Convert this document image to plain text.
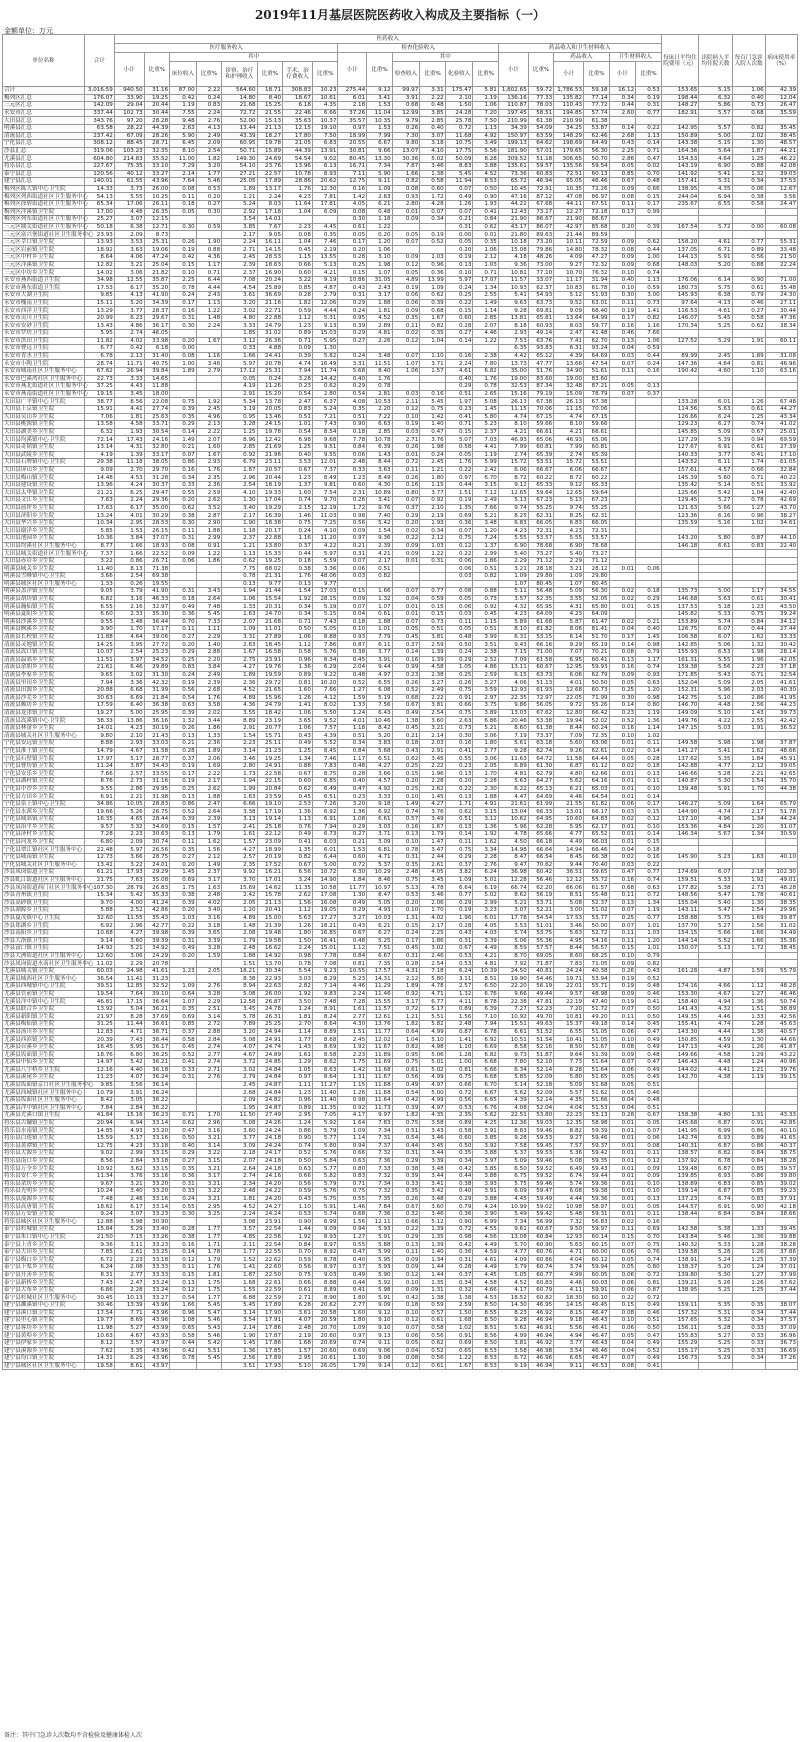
2019年11月基层医院医药收入构成及主要指标（一）
金额单位：万元
单位名称	合计	医药收入																				每床日平均住院费用（元）	出院病人平均住院天数	每百门急诊入院人次数	病床使用率（%）
		医疗服务收入								检查化验收入						药品收入和卫生材料收入									
		小计	比重%	其中						小计	比重%	其中				小计	比重%	药品收入		卫生材料收入					
				床位收入	比重%	诊察、治疗和护理收入	比重%	手术、治疗费收入	比重%			检查收入	比重%	化验收入	比重%			小计	比重%	小计	比重%				
合计	3,016.59	940.50	31.16	87.00	2.22	564.60	18.71	308.83	10.23	275.44	9.12	99.97	3.31	175.47	5.81	1,802.65	59.72	1,786.53	59.18	16.12	0.53	153.65	5.15	1.06	42.39
梅列区汇总	176.07	33.90	19.25	0.42	0.24	14.80	8.40	18.67	10.61	6.01	3.41	3.91	2.22	2.10	1.19	136.16	77.33	135.82	77.14	0.34	0.19	198.44	6.32	0.40	12.04
三元区汇总	142.09	29.04	20.44	1.19	0.83	21.68	15.25	6.18	4.35	2.18	1.53	0.68	0.48	1.50	1.06	110.87	78.03	110.43	77.72	0.44	0.31	148.27	5.86	0.73	26.47
永安市汇总	337.44	102.73	30.44	7.55	2.24	72.72	21.55	22.46	6.66	37.26	11.04	12.99	3.85	24.28	7.20	197.45	58.51	194.85	57.74	2.60	0.77	182.91	5.57	0.68	35.59
大田县汇总	343.76	97.20	28.28	9.48	2.76	52.00	15.13	35.63	10.37	35.57	10.35	9.79	2.85	25.78	7.50	210.99	61.38	210.99	61.38						
明溪县汇总	63.58	28.22	44.39	2.63	4.13	13.44	21.13	12.15	19.10	0.97	1.53	0.26	0.40	0.72	1.13	34.39	54.09	34.25	53.87	0.14	0.22	142.95	5.57	0.82	35.45
清流县汇总	237.42	67.09	28.26	5.90	2.49	43.39	18.27	17.80	7.50	18.99	7.99	7.30	3.07	11.68	4.92	150.97	63.59	148.29	62.46	2.68	1.13	150.89	5.00	2.02	38.45
宁化县汇总	308.12	88.45	28.71	6.45	2.09	60.95	19.78	21.05	6.83	20.55	6.67	9.80	3.18	10.75	3.49	199.13	64.62	198.69	64.49	0.43	0.14	143.38	5.15	1.30	48.57
沙县汇总	319.06	103.23	32.35	8.10	2.54	50.71	15.89	44.39	13.91	30.81	9.66	13.07	4.10	17.75	5.56	181.90	57.01	179.65	56.30	2.25	0.71	164.36	5.64	1.87	44.21
尤溪县汇总	604.80	214.83	35.52	11.00	1.82	149.30	24.69	54.54	9.02	80.45	13.30	30.36	5.02	50.09	8.28	309.52	51.18	306.65	50.70	2.86	0.47	154.53	4.64	1.25	46.22
将乐县汇总	227.67	75.35	33.10	7.29	3.20	54.10	23.76	13.96	6.13	16.71	7.34	7.87	3.46	8.83	3.88	135.61	59.57	135.56	59.54	0.05	0.02	143.19	6.90	0.88	42.08
泰宁县汇总	120.56	40.12	33.27	2.14	1.77	27.21	22.57	10.78	8.93	7.11	5.90	1.66	1.38	5.45	4.52	73.36	60.83	72.51	60.13	0.85	0.70	141.92	5.41	1.32	39.03
建宁县汇总	140.01	61.55	43.96	7.64	5.46	25.05	17.89	28.86	20.62	12.75	9.11	0.82	0.58	11.94	8.53	65.72	46.94	65.05	46.46	0.67	0.48	157.41	5.31	0.34	37.53
梅列区陈大镇中心卫生院	14.33	3.73	26.00	0.08	0.53	1.89	13.17	1.76	12.30	0.16	1.09	0.08	0.60	0.07	0.50	10.45	72.91	10.35	72.26	0.09	0.66	138.95	4.35	0.06	12.67
梅列区列西街道社区卫生服务中心	54.13	5.55	10.25	0.11	0.20	1.21	2.24	4.23	7.81	1.42	2.63	0.93	1.72	0.49	0.90	47.16	87.12	47.08	86.97	0.08	0.15	244.04	6.94	0.38	3.56
梅列区徐碧街道社区卫生服务中心	65.34	17.06	26.11	0.18	0.27	5.24	8.03	11.64	17.81	4.05	6.21	2.80	4.28	1.26	1.93	44.22	67.68	44.11	67.51	0.11	0.17	235.67	6.55	0.58	24.47
梅列区洋溪镇卫生院	17.00	4.48	26.35	0.05	0.30	2.92	17.18	1.04	6.09	0.08	0.48	0.01	0.07	0.07	0.41	12.43	73.17	12.27	72.18	0.17	0.99				
梅列区列东街道社区卫生服务中心	25.27	3.07	12.15			3.54	14.01			0.30	1.18	0.09	0.34	0.21	0.84	21.90	86.67	21.90	86.67						
三元区城关街道社区卫生服务中心	50.18	6.38	12.71	0.30	0.59	3.85	7.67	2.23	4.45	0.61	1.22			0.31	0.62	43.17	86.07	42.97	85.68	0.20	0.39	167.54	5.72	0.00	60.08
三元区富兴堡街道社区卫生服务中心	23.93	2.09	8.73			2.17	9.05	0.08	0.35	0.05	0.20	0.05	0.19	0.00	0.01	21.80	89.63	21.44	89.59						
三元区莘口镇卫生院	13.93	3.53	25.31	0.26	1.90	2.24	16.11	1.04	7.46	0.17	1.20	0.07	0.52	0.05	0.35	10.18	73.20	10.11	72.59	0.09	0.62	158.20	4.61	0.77	55.31
三元区岩前镇卫生院	18.92	3.63	19.06	0.19	0.88	2.71	14.15	0.45	2.19	0.20	1.06			0.20	1.06	15.08	79.86	14.80	78.32	0.08	0.44	137.05	6.71	0.89	33.48
三元区中村乡卫生院	8.64	4.06	47.24	0.42	4.36	2.45	28.53	1.15	13.55	0.28	3.10	0.09	1.03	0.19	2.12	4.18	48.26	4.09	47.27	0.09	1.00	144.13	5.91	0.56	21.50
三元区洋溪镇卫生院	12.82	3.21	25.04	0.15	1.17	2.39	18.63	0.66	5.13	0.25	1.98	0.12	0.96	0.13	1.03	9.36	73.00	9.27	72.32	0.09	0.68	148.03	5.20	0.88	22.24
三元区中坊乡卫生院	14.02	3.06	21.82	0.10	0.71	2.37	16.90	0.60	4.21	0.15	1.07	0.05	0.36	0.10	0.71	10.81	77.10	10.70	76.32	0.10	0.74				
永安市燕西街道卫生院	34.98	12.55	35.87	2.25	6.44	7.08	20.24	3.22	9.19	10.86	31.05	4.89	13.99	5.97	17.07	11.57	33.07	11.17	31.94	0.40	1.13	176.06	6.14	0.90	71.00
永安市燕东街道卫生院	17.53	6.17	35.20	0.78	4.44	4.54	25.89	0.85	4.87	0.43	2.43	0.19	1.09	0.24	1.34	10.93	62.37	10.83	61.78	0.10	0.59	180.73	5.75	0.61	35.48
永安市大湖卫生院	9.85	4.13	41.90	0.24	2.43	3.61	36.69	0.28	2.79	0.31	3.17	0.06	0.62	0.25	2.55	5.41	54.93	5.12	51.93	0.30	3.00	145.93	6.38	0.79	24.30
永安市槐南卫生院	15.11	5.20	34.39	0.17	1.13	3.20	21.16	1.82	12.06	0.29	1.88	0.06	0.39	0.22	1.49	9.63	63.73	9.52	63.01	0.11	0.73	97.64	4.13	0.46	27.11
永安市西洋卫生院	13.29	3.77	28.37	0.16	1.22	3.02	22.71	0.59	4.44	0.24	1.81	0.09	0.68	0.15	1.14	9.28	69.81	9.09	68.40	0.19	1.41	116.53	4.61	0.27	30.44
永安市贡川卫生院	20.99	6.23	29.67	0.31	1.48	4.80	22.88	1.12	5.31	0.95	4.52	0.35	1.67	0.60	2.85	13.81	65.81	13.64	64.99	0.17	0.82	146.07	5.45	0.58	47.36
永安市安砂卫生院	13.43	4.86	36.17	0.30	2.24	3.33	24.79	1.23	9.13	0.39	2.89	0.11	0.82	0.28	2.07	8.18	60.93	8.03	59.77	0.16	1.16	170.34	5.25	0.62	38.34
永安市罗坊卫生院	5.95	2.74	46.05			1.85	31.02	0.89	15.03	0.29	4.81	0.02	0.35	0.27	4.46	2.93	49.14	2.47	41.48	0.46	7.66				
永安市洪田卫生院	11.82	4.02	33.98	0.20	1.67	3.12	26.36	0.71	5.95	0.27	2.26	0.12	1.04	0.14	1.22	7.53	63.76	7.41	62.70	0.13	1.06	127.52	5.29	1.91	60.11
永安市曹远卫生院	6.77	0.42	6.18	0.00		0.33	4.88	0.09	1.30							6.35	93.83	6.31	93.24	0.04	0.59				
永安市青水卫生院	6.78	2.13	31.40	0.08	1.16	1.66	24.41	0.39	5.82	0.24	3.48	0.07	1.10	0.16	2.38	4.42	65.12	4.39	64.69	0.03	0.44	89.99	2.45	1.89	31.08
永安市小陶卫生院	28.74	11.71	40.75	1.00	3.46	5.97	20.78	4.74	16.49	3.31	11.51	1.07	3.71	2.24	7.80	13.73	47.77	13.66	47.54	0.07	0.24	147.36	4.64	0.81	46.96
永安市城南社区卫生服务中心	67.62	26.94	39.84	1.89	2.79	17.12	25.31	7.94	11.74	5.68	8.40	1.06	1.57	4.61	6.82	35.00	51.76	34.90	51.61	0.11	0.16	190.42	4.60	1.10	63.16
永安市巴溪湾社区卫生服务中心	22.73	3.33	14.65			0.05	0.24	3.28	14.42	0.40	1.76			0.40	1.76	19.00	83.60	19.00	83.60						
永安市燕北街道社区卫生服务中心	37.25	4.43	11.88			4.19	11.26	0.23	0.62	0.29	0.78			0.29	0.78	32.53	87.34	32.48	87.21	0.05	0.13				
永安市燕南街道社区卫生服务中心	19.15	3.45	18.00			2.91	15.20	0.54	2.80	0.54	2.81	0.03	0.16	0.51	2.65	15.16	79.19	15.09	78.79	0.07	0.37				
大田县广平镇中心卫生院	38.77	8.56	22.08	0.75	1.92	5.34	13.78	2.47	6.37	4.08	10.53	2.11	5.45	1.97	5.08	26.13	67.38	26.13	67.38			133.28	6.01	1.26	67.48
大田县上京镇卫生院	15.91	4.41	27.74	0.39	2.45	3.19	20.05	0.83	5.24	0.35	2.20	0.12	0.75	0.23	1.45	11.15	70.06	11.15	70.06			114.56	5.63	0.61	44.27
大田县吴山乡卫生院	7.06	1.81	25.63	0.35	4.96	0.95	13.46	0.51	7.21	0.51	7.22	0.10	1.42	0.41	5.80	4.74	67.15	4.74	67.15			126.66	6.24	1.25	43.34
大田县桃源镇卫生院	13.58	4.58	33.71	0.29	2.13	3.28	24.15	1.01	7.43	0.90	6.63	0.19	1.40	0.71	5.23	8.10	59.66	8.10	59.66			129.23	6.27	0.74	41.02
大田县湖美乡卫生院	6.32	1.93	30.54	0.14	2.22	1.25	19.78	0.54	8.54	0.18	2.85	0.03	0.47	0.15	2.37	4.21	66.61	4.21	66.61			145.85	5.09	0.67	25.01
大田县均溪镇中心卫生院	72.14	17.43	24.16	1.49	2.07	8.96	12.42	6.98	9.68	7.78	10.78	2.71	3.76	5.07	7.03	46.93	65.06	46.93	65.06			127.29	5.39	0.94	69.59
大田县奇韬镇卫生院	13.14	4.31	32.80	0.21	1.60	2.85	21.69	1.25	9.51	0.84	6.39	0.26	1.98	0.58	4.41	7.99	60.81	7.99	60.81			127.67	6.91	0.61	27.39
大田县武陵乡卫生院	4.19	1.39	33.17	0.07	1.67	0.92	21.96	0.40	9.55	0.06	1.43	0.01	0.24	0.05	1.19	2.74	65.39	2.74	65.39			140.33	3.77	0.41	17.10
大田县石牌镇中心卫生院	29.38	11.18	38.05	0.86	2.93	6.79	23.11	3.53	12.01	2.48	8.44	0.72	2.45	1.76	5.99	15.72	53.51	15.72	53.51			143.52	6.11	1.74	61.05
大田县屏山乡卫生院	9.09	2.70	29.70	0.16	1.76	1.87	20.57	0.67	7.37	0.33	3.63	0.11	1.21	0.22	2.42	6.06	66.67	6.06	66.67			157.61	4.57	0.66	32.84
大田县梅山镇卫生院	14.48	4.53	31.28	0.34	2.35	2.96	20.44	1.23	8.49	1.23	8.49	0.26	1.80	0.97	6.70	8.72	60.22	8.72	60.22			145.39	5.60	0.71	40.22
大田县建设镇卫生院	13.96	4.24	30.37	0.33	2.36	2.54	18.19	1.37	9.81	0.60	4.30	0.16	1.15	0.44	3.15	9.12	65.33	9.12	65.33			135.42	5.14	0.51	33.92
大田县太华镇卫生院	21.21	6.25	29.47	0.55	2.59	4.10	19.33	1.60	7.54	2.31	10.89	0.80	3.77	1.51	7.12	12.65	59.64	12.65	59.64			125.66	5.42	1.04	42.40
大田县文江乡卫生院	7.63	2.24	29.36	0.20	2.62	1.30	17.04	0.74	9.70	0.26	3.41	0.07	0.92	0.19	2.49	5.13	67.23	5.13	67.23			129.45	5.27	0.78	42.69
大田县前坪乡卫生院	17.63	6.17	35.00	0.62	3.52	3.40	19.29	2.15	12.19	1.72	9.76	0.37	2.10	1.35	7.66	9.74	55.25	9.74	55.25			121.63	5.66	1.27	43.70
大田县济阳乡卫生院	13.24	4.01	30.29	0.38	2.87	2.17	16.39	1.46	11.03	0.98	7.40	0.29	2.19	0.69	5.21	8.25	62.31	8.25	62.31			123.36	6.16	0.96	38.27
大田县华兴乡卫生院	10.34	2.95	28.53	0.30	2.90	1.90	18.38	0.75	7.25	0.56	5.42	0.20	1.93	0.36	3.48	6.83	66.05	6.83	66.05			135.59	5.16	1.02	34.61
大田县谢洋乡卫生院	5.85	1.53	26.15	0.11	1.88	1.18	20.17	0.24	4.10	0.09	1.54	0.02	0.34	0.07	1.20	4.23	72.31	4.23	72.31						
大田县池园乡卫生院	10.36	3.84	37.07	0.31	2.99	2.37	22.88	1.16	11.20	0.97	9.36	0.22	2.12	0.75	7.24	5.55	53.57	5.55	53.57			143.20	5.80	0.87	44.10
大田县均溪社区卫生服务中心	8.77	1.66	18.93	0.08	0.91	1.21	13.80	0.37	4.22	0.21	2.39	0.09	1.03	0.12	1.37	6.90	78.68	6.90	78.68			146.18	6.61	0.83	22.40
大田县城关街道社区卫生服务中心	7.37	1.66	22.52	0.09	1.22	1.13	15.33	0.44	5.97	0.31	4.21	0.09	1.22	0.22	2.99	5.40	73.27	5.40	73.27						
大田县赤岩乡卫生院	3.22	0.86	26.71	0.06	1.86	0.62	19.25	0.18	5.59	0.07	2.17	0.01	0.31	0.06	1.86	2.29	71.12	2.29	71.12						
明溪县城关乡卫生院	11.40	8.13	71.38			7.75	68.02	0.38	3.36	0.06	0.51			0.06	0.51	3.21	28.18	3.21	28.12	0.01	0.06				
明溪县雪峰镇中心卫生院	3.66	2.54	69.38			0.78	21.31	1.76	48.06	0.03	0.82			0.03	0.82	1.09	29.80	1.09	29.80						
明溪县城区社区卫生服务中心	1.33	0.26	19.55			0.13	9.77	0.13	9.77							1.07	80.45	1.07	80.45						
明溪县盖洋镇卫生院	9.05	3.79	41.90	0.31	3.43	1.94	21.44	1.54	17.03	0.15	1.66	0.07	0.77	0.08	0.88	5.11	56.48	5.09	56.30	0.02	0.18	135.73	5.00	1.17	34.55
明溪县胡坊镇卫生院	6.82	3.16	46.33	0.18	2.64	1.06	15.54	1.92	28.15	0.09	1.32	0.04	0.59	0.05	0.73	3.57	52.35	3.55	52.05	0.02	0.29	146.68	5.63	0.61	30.41
明溪县瀚仙镇卫生院	6.55	2.16	32.97	0.49	7.48	1.33	20.31	0.34	5.19	0.07	1.07	0.01	0.15	0.06	0.92	4.32	65.95	4.31	65.80	0.01	0.15	137.53	5.18	1.23	43.50
明溪县夏阳乡卫生院	6.60	2.33	35.30	0.36	5.45	1.63	24.70	0.34	5.15	0.04	0.61	0.01	0.15	0.03	0.45	4.23	64.09	4.23	64.09			145.82	5.33	0.75	39.24
明溪县沙溪乡卫生院	9.55	3.48	36.44	0.70	7.33	2.07	21.68	0.71	7.43	0.18	1.88	0.07	0.73	0.11	1.15	5.89	61.68	5.87	61.47	0.02	0.21	153.89	5.74	0.84	34.12
明溪县枫溪乡卫生院	9.90	1.70	17.17	0.11	1.11	1.09	11.01	0.50	5.05	0.10	1.01	0.05	0.51	0.05	0.51	8.10	81.82	8.06	81.41	0.04	0.40	126.75	6.07	0.44	27.44
清流县长校镇卫生院	11.88	4.64	39.06	0.27	2.29	3.31	27.89	1.06	8.88	0.93	7.79	0.45	3.81	0.48	3.99	6.31	53.15	6.14	51.70	0.17	1.45	106.58	6.07	1.62	33.33
清流县灵地镇卫生院	14.25	3.95	27.72	0.20	1.40	2.63	18.45	1.12	7.86	0.87	6.11	0.37	2.59	0.50	3.51	9.43	66.16	9.29	65.19	0.14	0.98	142.85	5.06	1.32	30.42
清流县嵩口镇卫生院	10.07	2.54	25.23	0.29	2.88	1.67	16.58	0.58	5.76	0.38	3.77	0.14	1.39	0.24	2.38	7.15	71.00	7.07	70.21	0.08	0.79	155.93	6.53	1.98	28.14
清流县温郊乡卫生院	11.51	3.97	34.52	0.25	2.20	2.75	23.91	0.96	8.34	0.45	3.91	0.16	1.39	0.29	2.52	7.09	61.58	6.95	60.41	0.13	1.17	161.31	5.55	1.96	42.05
清流县余朋乡卫生院	21.61	6.46	29.89	0.83	3.84	4.27	19.76	1.36	6.29	2.04	9.44	0.99	4.58	1.05	4.86	13.11	60.67	12.95	59.93	0.16	0.74	159.38	5.56	2.23	37.18
清流县李家乡卫生院	9.65	3.02	31.30	0.24	2.49	1.89	19.59	0.89	9.22	0.48	4.97	0.23	2.38	0.25	2.59	6.15	63.73	6.06	62.79	0.09	0.93	171.85	5.43	0.71	32.54
清流县里田乡卫生院	7.94	3.36	42.32	0.19	2.39	2.36	29.72	0.81	10.20	0.52	6.55	0.26	3.27	0.26	3.27	4.06	51.13	4.01	50.50	0.05	0.63	152.04	5.09	2.05	41.61
清流县田源乡卫生院	20.88	6.68	31.99	0.56	2.68	4.52	21.65	1.60	7.66	1.27	6.08	0.52	2.49	0.75	3.59	12.93	61.93	12.68	60.73	0.25	1.20	152.31	5.96	2.03	40.30
清流县沙芜乡卫生院	30.63	6.69	21.84	0.54	1.76	4.89	15.96	1.26	4.12	1.59	5.19	0.68	2.22	0.91	2.97	22.35	72.97	22.05	71.99	0.30	0.98	142.75	5.10	2.86	41.95
清流县赖坊乡卫生院	17.59	6.40	36.38	0.63	3.58	4.36	24.79	1.41	8.02	1.33	7.56	0.67	3.81	0.66	3.75	9.86	56.05	9.72	55.26	0.14	0.80	146.70	4.48	2.56	44.23
清流县龙津镇卫生院	19.27	5.00	25.95	0.39	2.02	3.55	18.42	1.06	5.50	1.24	6.43	0.49	2.54	0.75	3.89	13.03	67.62	12.80	66.42	0.23	1.19	149.09	5.10	1.43	39.73
清流县嵩溪镇中心卫生院	38.33	13.86	36.16	1.32	3.44	8.89	23.19	3.65	9.52	4.01	10.46	1.38	3.60	2.63	6.86	20.46	53.38	19.94	52.02	0.52	1.36	149.76	4.22	2.55	42.42
清流县林畲乡卫生院	14.01	4.23	30.19	0.26	1.86	2.91	20.77	1.06	7.57	1.18	8.42	0.45	3.21	0.73	5.21	8.60	61.38	8.44	60.24	0.16	1.14	147.15	5.03	1.91	36.52
清流县城关社区卫生服务中心	9.80	2.10	21.43	0.13	1.33	1.54	15.71	0.43	4.39	0.51	5.20	0.21	2.14	0.30	3.06	7.19	73.37	7.09	72.35	0.10	1.02				
宁化县安远镇卫生院	8.88	2.93	33.03	0.21	2.36	2.23	25.11	0.49	5.52	0.34	3.83	0.18	2.03	0.16	1.80	5.61	63.18	5.60	63.06	0.01	0.11	149.58	5.98	1.98	37.87
宁化县淮土镇卫生院	14.79	4.67	31.58	0.28	1.89	3.14	21.23	1.25	8.45	0.84	5.68	0.43	2.91	0.41	2.77	9.28	62.74	9.26	62.61	0.02	0.14	141.27	5.41	1.62	48.66
宁化县石壁镇卫生院	17.97	5.17	28.77	0.37	2.06	3.46	19.25	1.34	7.46	1.17	6.51	0.62	3.45	0.55	3.06	11.63	64.72	11.58	64.44	0.05	0.28	137.62	5.35	1.84	45.91
宁化县曹坊镇卫生院	11.24	3.87	34.43	0.19	1.69	2.80	24.91	0.88	7.83	0.48	4.27	0.25	2.22	0.23	2.05	6.89	61.30	6.87	61.12	0.02	0.18	142.88	4.77	2.12	39.05
宁化县安乐乡卫生院	7.66	2.57	33.55	0.17	2.22	1.73	22.58	0.67	8.75	0.28	3.66	0.15	1.96	0.13	1.70	4.81	62.79	4.80	62.66	0.01	0.13	146.66	5.28	2.21	42.65
宁化县湖村镇卫生院	8.76	2.73	31.16	0.19	2.17	1.94	22.15	0.60	6.85	0.40	4.57	0.20	2.28	0.20	2.28	5.63	64.27	5.62	64.16	0.01	0.11	140.87	5.30	1.54	35.70
宁化县中沙乡卫生院	9.55	2.86	29.95	0.25	2.62	1.99	20.84	0.62	6.49	0.47	4.92	0.25	2.62	0.22	2.30	6.22	65.13	6.21	65.03	0.01	0.10	139.48	5.91	1.70	44.38
宁化县方田乡卫生院	6.91	2.21	31.98	0.13	1.88	1.63	23.59	0.45	6.51	0.23	3.33	0.10	1.45	0.13	1.88	4.47	64.69	4.46	64.54	0.01	0.14				
宁化县泉上镇中心卫生院	34.86	10.05	28.83	0.86	2.47	6.66	19.10	2.53	7.26	3.20	9.18	1.49	4.27	1.71	4.91	21.61	61.99	21.55	61.82	0.06	0.17	146.27	5.09	1.64	65.79
宁化县水茜乡卫生院	19.66	5.26	26.75	0.52	2.64	3.38	17.19	1.36	6.92	1.36	6.92	0.74	3.76	0.62	3.15	13.04	66.33	13.01	66.17	0.03	0.15	144.90	4.74	2.17	51.78
宁化县城郊镇卫生院	16.35	4.65	28.44	0.39	2.39	3.13	19.14	1.13	6.91	1.08	6.61	0.57	3.49	0.51	3.12	10.62	64.95	10.60	64.83	0.02	0.12	137.10	4.96	1.34	44.24
宁化县治平乡卫生院	9.57	3.32	34.69	0.15	1.57	2.41	25.18	0.76	7.94	0.29	3.03	0.16	1.67	0.13	1.36	5.96	62.28	5.95	62.17	0.01	0.10	153.36	4.84	1.20	31.07
宁化县济村乡卫生院	7.28	2.23	30.63	0.13	1.79	1.61	22.12	0.49	6.73	0.27	3.71	0.13	1.79	0.14	1.92	4.78	65.66	4.77	65.52	0.01	0.14	146.34	5.67	1.34	30.59
宁化县河龙乡卫生院	6.80	2.09	30.74	0.11	1.62	1.57	23.09	0.41	6.03	0.21	3.09	0.10	1.47	0.11	1.62	4.50	66.18	4.49	66.03	0.01	0.15				
宁化县翠江镇社区卫生服务中心	22.48	5.97	26.56	0.35	1.56	4.27	18.99	1.35	6.01	1.53	6.81	0.78	3.47	0.75	3.34	14.98	66.64	14.94	66.46	0.04	0.18				
宁化县城南镇卫生院	12.73	3.66	28.75	0.27	2.12	2.57	20.19	0.82	6.44	0.60	4.71	0.31	2.44	0.29	2.28	8.47	66.54	8.45	66.38	0.02	0.16	145.90	5.23	1.63	40.10
宁化县城关社区卫生服务中心	13.41	3.22	24.01	0.20	1.49	2.35	17.52	0.67	5.00	0.72	5.37	0.35	2.61	0.37	2.76	9.47	70.62	9.44	70.40	0.03	0.22				
沙县凤岗街道卫生院	61.21	17.93	29.29	1.45	2.37	9.92	16.21	6.56	10.72	6.30	10.29	2.48	4.05	3.82	6.24	36.98	60.42	36.51	59.65	0.47	0.77	174.69	6.07	2.18	102.30
沙县虬江街道社区卫生服务中心	21.75	7.63	35.08	0.69	3.17	3.70	17.01	3.24	14.90	1.84	8.46	0.75	3.45	1.09	5.01	12.28	56.46	12.12	55.72	0.16	0.74	159.51	5.33	1.92	49.01
沙县凤岗街道西门社区卫生服务中心	107.30	28.79	26.83	1.75	1.63	15.69	14.62	11.35	10.58	11.77	10.97	5.13	4.78	6.64	6.19	66.74	62.20	66.06	61.57	0.68	0.63	177.82	5.38	2.73	48.28
沙县青州镇卫生院	15.34	5.42	35.33	0.38	2.48	2.42	15.78	2.62	17.08	1.30	8.47	0.53	3.46	0.77	5.02	8.62	56.19	8.51	55.48	0.11	0.72	148.56	5.47	1.78	40.61
沙县高砂镇卫生院	9.70	4.00	41.24	0.39	4.02	2.05	21.13	1.56	16.08	0.49	5.05	0.20	2.06	0.29	2.99	5.21	53.71	5.08	52.37	0.13	1.34	155.04	5.40	1.30	38.35
沙县湖源乡卫生院	5.88	2.52	42.86	0.20	3.40	1.20	20.41	1.12	19.05	0.29	4.93	0.10	1.70	0.19	3.23	3.07	52.21	3.00	51.02	0.07	1.19	143.11	5.47	1.54	29.96
沙县夏茂镇中心卫生院	32.60	11.55	35.43	1.03	3.16	4.89	15.00	5.63	17.27	3.27	10.03	1.31	4.02	1.96	6.01	17.78	54.54	17.53	53.77	0.25	0.77	158.88	5.75	1.69	39.87
沙县郑湖乡卫生院	6.92	2.96	42.77	0.22	3.18	1.48	21.39	1.26	18.21	0.43	6.21	0.15	2.17	0.28	4.05	3.53	51.01	3.46	50.00	0.07	1.01	137.70	5.27	1.56	31.02
沙县南阳乡卫生院	10.68	4.27	39.98	0.39	3.65	2.08	19.48	1.80	16.85	0.67	6.27	0.24	2.25	0.43	4.03	5.74	53.75	5.63	52.72	0.11	1.03	154.15	5.66	1.66	34.49
沙县大洛镇卫生院	9.14	3.60	39.39	0.31	3.39	1.79	19.58	1.50	16.41	0.48	5.25	0.17	1.86	0.31	3.39	5.06	55.36	4.95	54.16	0.11	1.20	144.14	5.52	1.66	35.36
沙县富口镇卫生院	14.92	5.21	34.92	0.49	3.28	2.48	16.62	2.24	15.01	1.12	7.51	0.45	3.02	0.67	4.49	8.59	57.57	8.44	56.57	0.15	1.01	150.07	5.13	1.72	38.45
沙县大洲街道社区卫生服务中心	12.60	3.06	24.29	0.20	1.59	1.88	14.92	0.98	7.78	0.84	6.67	0.31	2.46	0.53	4.21	8.70	69.05	8.60	68.25	0.10	0.79				
沙县凤岗街道水南社区卫生服务中心	11.02	2.29	20.78			1.51	13.70	0.78	7.08	0.81	7.35	0.28	2.54	0.53	4.81	7.92	71.87	7.83	71.05	0.09	0.82				
尤溪县城关镇卫生院	60.03	24.98	41.61	1.23	2.05	18.21	30.34	5.54	9.23	10.55	17.57	4.31	7.18	6.24	10.39	24.50	40.81	24.24	40.38	0.26	0.43	161.28	4.87	1.59	55.79
尤溪县城西社区卫生服务中心	36.54	11.41	31.23			8.38	22.93	3.03	8.29	5.23	14.31	2.12	5.80	3.11	8.51	19.90	54.46	19.71	53.94	0.19	0.52				
尤溪县西城镇中心卫生院	39.51	12.85	32.52	1.09	2.76	8.94	22.63	2.82	7.14	4.46	11.29	1.89	4.78	2.57	6.50	22.20	56.19	22.01	55.71	0.19	0.48	174.16	4.66	1.12	48.28
尤溪县管前镇卫生院	19.54	7.64	39.10	0.64	3.28	5.08	26.00	1.92	9.83	2.24	11.46	0.92	4.71	1.32	6.76	9.66	49.44	9.57	48.98	0.09	0.46	153.30	4.67	1.27	46.46
尤溪县洋中镇中心卫生院	46.81	17.15	36.64	1.07	2.29	12.58	26.87	3.50	7.48	7.28	15.55	3.17	6.77	4.11	8.78	22.38	47.81	22.19	47.40	0.19	0.41	158.40	4.94	1.36	50.74
尤溪县联合乡卫生院	13.92	5.04	36.21	0.35	2.51	3.45	24.78	1.24	8.91	1.61	11.57	0.72	5.17	0.89	6.39	7.27	52.23	7.20	51.72	0.07	0.50	141.43	4.32	1.51	38.89
尤溪县新阳镇卫生院	21.97	8.28	37.69	0.69	3.14	5.78	26.31	1.81	8.24	2.77	12.61	1.21	5.51	1.56	7.10	10.92	49.70	10.81	49.20	0.11	0.50	149.35	4.46	1.33	42.56
尤溪县梅仙镇卫生院	31.25	11.44	36.61	0.85	2.72	7.89	25.25	2.70	8.64	4.30	13.76	1.82	5.82	2.48	7.94	15.51	49.63	15.37	49.18	0.14	0.45	155.41	4.74	1.28	45.63
尤溪县汤川乡卫生院	12.83	4.71	36.71	0.37	2.88	3.20	24.94	1.14	8.89	1.51	11.77	0.64	4.99	0.87	6.78	6.61	51.52	6.55	51.05	0.06	0.47	143.30	4.44	1.36	40.57
尤溪县西滨镇卫生院	20.39	7.43	36.44	0.58	2.84	5.08	24.91	1.77	8.68	2.45	12.02	1.04	5.10	1.41	6.92	10.51	51.54	10.41	51.05	0.10	0.49	150.85	4.59	1.30	44.66
尤溪县台溪乡卫生院	16.45	5.95	36.17	0.45	2.74	4.07	24.74	1.43	8.69	1.92	11.67	0.82	4.98	1.10	6.69	8.58	52.16	8.50	51.67	0.08	0.49	147.13	4.49	1.26	41.87
尤溪县坂面镇卫生院	18.76	6.80	36.25	0.52	2.77	4.67	24.89	1.61	8.58	2.23	11.89	0.95	5.06	1.28	6.82	9.73	51.87	9.64	51.39	0.09	0.48	149.66	4.58	1.29	43.22
尤溪县中仙乡卫生院	14.97	5.42	36.21	0.41	2.74	3.72	24.85	1.29	8.62	1.75	11.69	0.75	5.01	1.00	6.68	7.80	52.10	7.73	51.64	0.07	0.47	146.43	4.48	1.24	40.96
尤溪县八字桥乡卫生院	12.16	4.40	36.18	0.33	2.71	3.02	24.84	1.05	8.63	1.42	11.68	0.61	5.02	0.81	6.66	6.34	52.14	6.28	51.64	0.06	0.49	144.02	4.41	1.21	39.76
尤溪县溪尾乡卫生院	11.23	4.07	36.24	0.31	2.76	2.79	24.84	0.97	8.64	1.31	11.67	0.56	4.99	0.75	6.68	5.85	52.09	5.80	51.65	0.05	0.45	142.70	4.38	1.19	39.15
尤溪县坂面镇京口社区卫生服务中心	9.85	3.56	36.14			2.45	24.87	1.11	11.27	1.15	11.68	0.49	4.97	0.66	6.70	5.14	52.18	5.09	51.68	0.05	0.51				
尤溪县西城镇社区卫生服务中心	10.79	3.91	36.24			2.68	24.84	1.23	11.40	1.26	11.68	0.54	5.00	0.72	6.67	5.62	52.09	5.57	51.62	0.05	0.46				
尤溪县坂面社区卫生服务中心	8.42	3.05	36.22			2.09	24.82	0.96	11.40	0.98	11.64	0.42	4.99	0.56	6.65	4.39	52.14	4.35	51.66	0.04	0.48				
尤溪县洋中镇社区卫生服务中心	7.84	2.84	36.22			1.95	24.87	0.89	11.35	0.92	11.73	0.39	4.97	0.53	6.76	4.08	52.04	4.04	51.53	0.04	0.51				
尤溪县尤溪口镇卫生院	41.84	15.16	36.23	0.71	1.70	11.50	27.49	2.95	7.05	4.17	9.97	1.82	4.35	2.35	5.62	22.51	53.80	22.23	53.13	0.28	0.67	158.38	4.80	1.31	43.33
将乐县古镛镇卫生院	20.94	6.94	33.14	0.62	2.96	5.08	24.26	1.24	5.92	1.64	7.83	0.75	3.58	0.89	4.25	12.36	59.03	12.35	58.98	0.01	0.05	145.68	6.87	0.91	42.85
将乐县水南镇卫生院	14.85	4.93	33.20	0.47	3.16	3.60	24.24	0.86	5.79	1.09	7.34	0.51	3.43	0.58	3.91	8.83	59.46	8.82	59.39	0.01	0.07	141.95	6.99	0.86	40.10
将乐县白莲镇卫生院	15.59	5.17	33.16	0.50	3.21	3.77	24.18	0.90	5.77	1.14	7.31	0.54	3.46	0.60	3.85	9.28	59.53	9.27	59.46	0.01	0.06	142.74	6.93	0.89	41.65
将乐县黄潭镇卫生院	12.75	4.23	33.18	0.40	3.14	3.09	24.24	0.74	5.80	0.94	7.37	0.44	3.45	0.50	3.92	7.58	59.45	7.57	59.37	0.01	0.08	140.31	6.87	0.86	40.37
将乐县大源乡卫生院	9.02	2.99	33.15	0.29	3.22	2.18	24.17	0.52	5.76	0.66	7.32	0.31	3.44	0.35	3.88	5.37	59.53	5.36	59.42	0.01	0.11	138.57	6.82	0.84	38.75
将乐县南口乡卫生院	8.56	2.84	33.18	0.27	3.15	2.07	24.18	0.50	5.84	0.63	7.36	0.29	3.39	0.34	3.97	5.09	59.46	5.08	59.35	0.01	0.12	137.92	6.78	0.84	38.28
将乐县万全乡卫生院	10.92	3.62	33.15	0.35	3.21	2.64	24.18	0.63	5.77	0.80	7.33	0.38	3.48	0.42	3.85	6.50	59.52	6.49	59.43	0.01	0.09	139.48	6.87	0.85	39.57
将乐县安仁乡卫生院	11.34	3.76	33.16	0.36	3.17	2.74	24.16	0.66	5.82	0.83	7.32	0.39	3.44	0.44	3.88	6.75	59.52	6.74	59.44	0.01	0.09	139.85	6.93	0.86	39.80
将乐县余坊乡卫生院	9.67	3.21	33.20	0.31	3.21	2.34	24.20	0.56	5.79	0.71	7.34	0.33	3.41	0.38	3.93	5.75	59.46	5.74	59.36	0.01	0.10	138.89	6.83	0.85	39.02
将乐县光明乡卫生院	10.24	3.40	33.20	0.33	3.22	2.48	24.22	0.59	5.76	0.75	7.32	0.35	3.42	0.40	3.91	6.09	59.47	6.08	59.38	0.01	0.10	139.14	6.87	0.85	39.23
将乐县漠源乡卫生院	7.48	2.48	33.16	0.24	3.21	1.81	24.20	0.43	5.75	0.55	7.35	0.26	3.48	0.29	3.88	4.45	59.49	4.44	59.36	0.01	0.13	137.23	6.74	0.83	37.91
将乐县高唐镇卫生院	18.62	6.17	33.14	0.55	2.95	4.52	24.27	1.10	5.91	1.46	7.84	0.67	3.60	0.79	4.24	10.99	59.02	10.98	58.97	0.01	0.05	144.57	6.91	0.90	42.18
将乐县万安镇卫生院	9.24	3.07	33.23	0.30	3.25	2.24	24.24	0.53	5.74	0.68	7.36	0.32	3.46	0.36	3.90	5.49	59.42	5.48	59.31	0.01	0.11	138.44	6.84	0.84	38.66
将乐县城区社区卫生服务中心	12.88	3.98	30.90			3.08	23.91	0.90	6.99	1.56	12.11	0.66	5.12	0.90	6.99	7.34	56.99	7.32	56.83	0.02	0.16				
泰宁县杉城镇卫生院	15.84	5.29	33.40	0.28	1.77	3.57	22.54	1.44	9.09	0.94	5.93	0.22	1.39	0.72	4.55	9.61	60.67	9.50	59.97	0.11	0.69	142.58	5.38	1.33	39.45
泰宁县朱口镇中心卫生院	21.50	7.15	33.26	0.38	1.77	4.85	22.56	1.92	8.93	1.27	5.91	0.29	1.35	0.98	4.56	13.08	60.84	12.93	60.14	0.15	0.70	143.84	5.46	1.36	39.88
泰宁县上青乡卫生院	9.36	3.11	33.23	0.16	1.71	2.11	22.54	0.84	8.97	0.55	5.88	0.13	1.39	0.42	4.49	5.70	60.90	5.63	60.15	0.07	0.75	140.32	5.33	1.28	38.28
泰宁县大田乡卫生院	7.85	2.61	33.25	0.14	1.78	1.77	22.55	0.70	8.92	0.47	5.99	0.11	1.40	0.36	4.59	4.77	60.76	4.71	60.00	0.06	0.76	139.58	5.28	1.26	37.86
泰宁县梅口乡卫生院	6.72	2.23	33.18	0.12	1.79	1.52	22.62	0.59	8.78	0.40	5.95	0.09	1.34	0.31	4.61	4.09	60.86	4.04	60.12	0.05	0.74	138.91	5.24	1.25	37.39
泰宁县下渠乡卫生院	6.24	2.08	33.33	0.11	1.76	1.41	22.60	0.56	8.97	0.37	5.93	0.09	1.44	0.28	4.49	3.79	60.74	3.74	59.94	0.05	0.80	138.37	5.20	1.24	37.01
泰宁县开善乡卫生院	8.31	2.77	33.33	0.15	1.81	1.87	22.50	0.75	9.03	0.49	5.90	0.12	1.44	0.37	4.45	5.05	60.77	4.99	60.05	0.06	0.72	139.80	5.30	1.27	37.99
泰宁县新桥乡卫生院	7.43	2.47	33.24	0.13	1.75	1.68	22.61	0.66	8.88	0.44	5.92	0.10	1.35	0.34	4.58	4.52	60.83	4.46	60.03	0.06	0.81	139.21	5.26	1.26	37.62
泰宁县大布乡卫生院	6.86	2.28	33.24	0.12	1.75	1.55	22.59	0.61	8.89	0.41	5.98	0.09	1.31	0.32	4.66	4.17	60.79	4.11	59.91	0.06	0.87	138.95	5.25	1.25	37.44
泰宁县杉城社区卫生服务中心	30.45	10.13	33.27	0.54	1.77	6.88	22.59	2.71	8.90	1.80	5.91	0.42	1.38	1.38	4.53	18.52	60.82	18.30	60.10	0.22	0.72				
建宁县濉溪镇中心卫生院	30.46	13.39	43.96	1.66	5.45	5.45	17.89	6.28	20.62	2.77	9.09	0.18	0.59	2.59	8.50	14.30	46.95	14.15	46.45	0.15	0.49	159.11	5.35	0.35	38.07
建宁县溪口镇卫生院	17.54	7.71	43.96	0.96	5.47	3.14	17.90	3.61	20.58	1.60	9.12	0.10	0.57	1.50	8.55	8.23	46.92	8.15	46.47	0.08	0.46	157.32	5.31	0.34	37.44
建宁县里心镇卫生院	19.77	8.69	43.96	1.08	5.46	3.54	17.91	4.07	20.59	1.80	9.10	0.12	0.61	1.68	8.50	9.28	46.94	9.18	46.43	0.10	0.51	157.65	5.32	0.34	37.57
建宁县客坊乡卫生院	11.98	5.27	43.99	0.65	5.43	2.14	17.86	2.48	20.70	1.09	9.10	0.07	0.58	1.02	8.51	5.62	46.91	5.56	46.41	0.06	0.50	156.11	5.28	0.33	37.09
建宁县黄埠乡卫生院	10.63	4.67	43.93	0.58	5.46	1.90	17.87	2.19	20.60	0.97	9.13	0.06	0.56	0.91	8.56	4.99	46.94	4.94	46.47	0.05	0.47	155.83	5.27	0.33	36.96
建宁县伊家乡卫生院	8.12	3.57	43.97	0.44	5.42	1.45	17.86	1.68	20.69	0.74	9.11	0.05	0.62	0.69	8.50	3.81	46.92	3.77	46.43	0.04	0.49	155.29	5.25	0.33	36.73
建宁县溪源乡卫生院	7.62	3.35	43.96	0.42	5.51	1.36	17.85	1.57	20.60	0.69	9.06	0.04	0.52	0.65	8.53	3.58	46.98	3.54	46.46	0.04	0.52	155.17	5.25	0.33	36.69
建宁县均口镇卫生院	14.31	6.29	43.96	0.78	5.45	2.56	17.89	2.95	20.61	1.30	9.08	0.08	0.56	1.22	8.53	6.72	46.96	6.65	46.47	0.07	0.49	156.73	5.29	0.34	37.26
建宁县城区社区卫生服务中心	19.58	8.61	43.97			3.51	17.93	5.10	26.05	1.79	9.14	0.12	0.61	1.67	8.53	9.19	46.94	9.11	46.53	0.08	0.41				
备注：其中门急诊人次数均不含检验及健康体检人次
